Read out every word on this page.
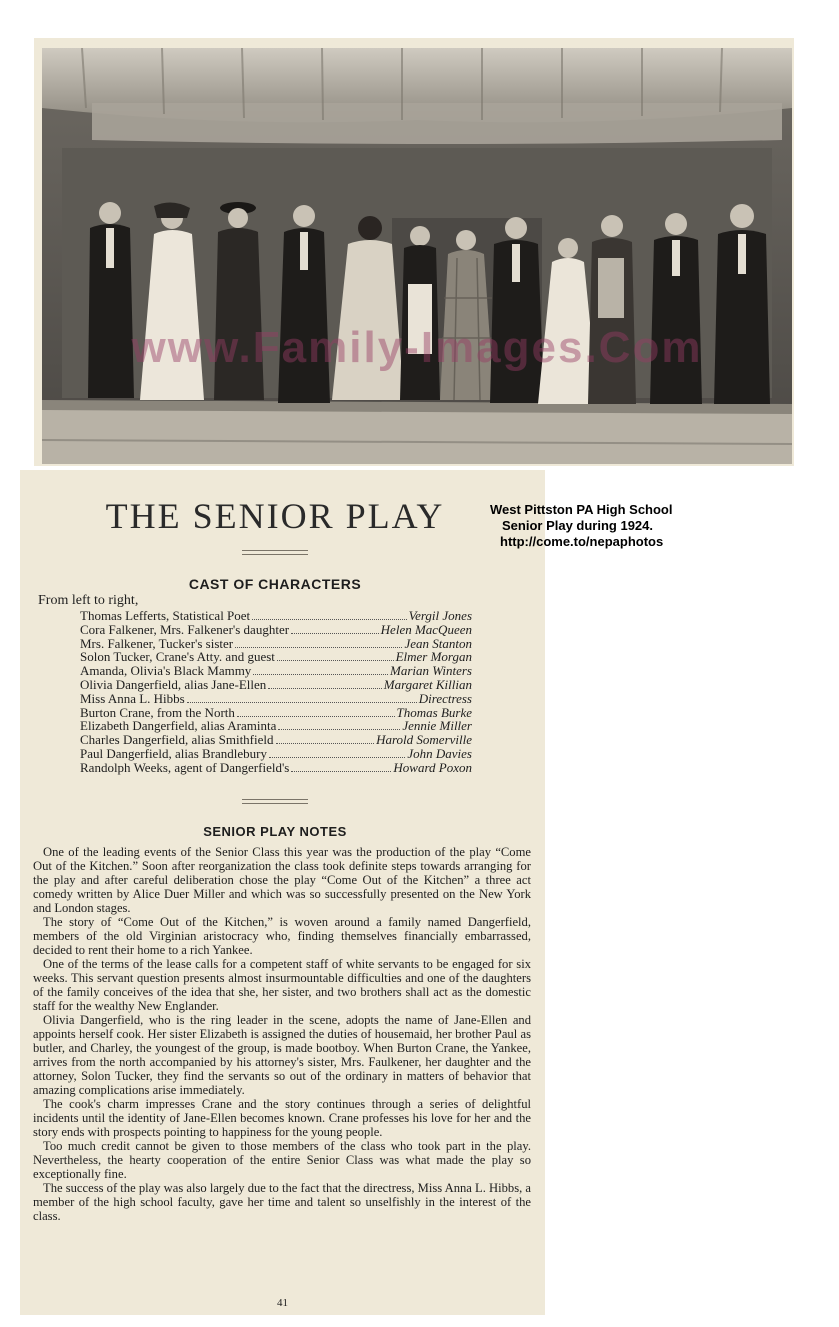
www.Family-Images.Com
THE SENIOR PLAY
CAST OF CHARACTERS
From left to right,
Thomas Lefferts, Statistical Poet	Vergil Jones
Cora Falkener, Mrs. Falkener's daughter	Helen MacQueen
Mrs. Falkener, Tucker's sister	Jean Stanton
Solon Tucker, Crane's Atty. and guest	Elmer Morgan
Amanda, Olivia's Black Mammy	Marian Winters
Olivia Dangerfield, alias Jane-Ellen	Margaret Killian
Miss Anna L. Hibbs	Directress
Burton Crane, from the North	Thomas Burke
Elizabeth Dangerfield, alias Araminta	Jennie Miller
Charles Dangerfield, alias Smithfield	Harold Somerville
Paul Dangerfield, alias Brandlebury	John Davies
Randolph Weeks, agent of Dangerfield's	Howard Poxon
SENIOR PLAY NOTES

One of the leading events of the Senior Class this year was the production of the play “Come Out of the Kitchen.” Soon after reorganization the class took definite steps towards arranging for the play and after careful deliberation chose the play “Come Out of the Kitchen” a three act comedy written by Alice Duer Miller and which was so successfully presented on the New York and London stages.

The story of “Come Out of the Kitchen,” is woven around a family named Dangerfield, members of the old Virginian aristocracy who, finding themselves financially embarrassed, decided to rent their home to a rich Yankee.

One of the terms of the lease calls for a competent staff of white servants to be engaged for six weeks. This servant question presents almost insurmountable difficulties and one of the daughters of the family conceives of the idea that she, her sister, and two brothers shall act as the domestic staff for the wealthy New Englander.

Olivia Dangerfield, who is the ring leader in the scene, adopts the name of Jane-Ellen and appoints herself cook. Her sister Elizabeth is assigned the duties of housemaid, her brother Paul as butler, and Charley, the youngest of the group, is made bootboy. When Burton Crane, the Yankee, arrives from the north accompanied by his attorney's sister, Mrs. Faulkener, her daughter and the attorney, Solon Tucker, they find the servants so out of the ordinary in matters of behavior that amazing complications arise immediately.

The cook's charm impresses Crane and the story continues through a series of delightful incidents until the identity of Jane-Ellen becomes known. Crane professes his love for her and the story ends with prospects pointing to happiness for the young people.

Too much credit cannot be given to those members of the class who took part in the play. Nevertheless, the hearty cooperation of the entire Senior Class was what made the play so exceptionally fine.

The success of the play was also largely due to the fact that the directress, Miss Anna L. Hibbs, a member of the high school faculty, gave her time and talent so unselfishly in the interest of the class.

41
West Pittston PA High School
Senior Play during 1924.
http://come.to/nepaphotos
